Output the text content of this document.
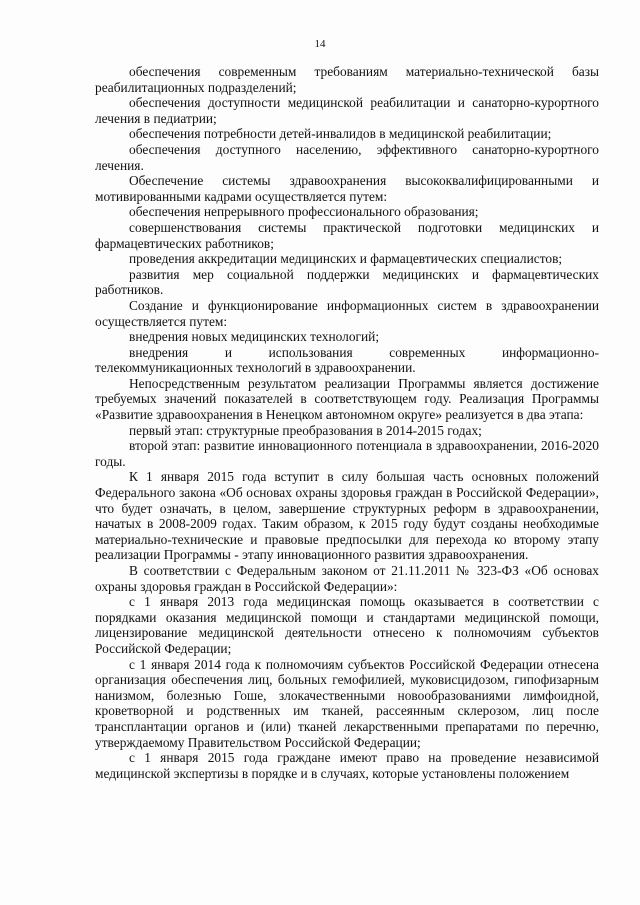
14

обеспечения современным требованиям материально-технической базы реабилитационных подразделений;

обеспечения доступности медицинской реабилитации и санаторно-курортного лечения в педиатрии;

обеспечения потребности детей-инвалидов в медицинской реабилитации;

обеспечения доступного населению, эффективного санаторно-курортного лечения.

Обеспечение системы здравоохранения высококвалифицированными и мотивированными кадрами осуществляется путем:

обеспечения непрерывного профессионального образования;

совершенствования системы практической подготовки медицинских и фармацевтических работников;

проведения аккредитации медицинских и фармацевтических специалистов;

развития мер социальной поддержки медицинских и фармацевтических работников.

Создание и функционирование информационных систем в здравоохранении осуществляется путем:

внедрения новых медицинских технологий;

внедрения и использования современных информационно-телекоммуникационных технологий в здравоохранении.

Непосредственным результатом реализации Программы является достижение требуемых значений показателей в соответствующем году. Реализация Программы «Развитие здравоохранения в Ненецком автономном округе» реализуется в два этапа:

первый этап: структурные преобразования в 2014-2015 годах;

второй этап: развитие инновационного потенциала в здравоохранении, 2016-2020 годы.

К 1 января 2015 года вступит в силу большая часть основных положений Федерального закона «Об основах охраны здоровья граждан в Российской Федерации», что будет означать, в целом, завершение структурных реформ в здравоохранении, начатых в 2008-2009 годах. Таким образом, к 2015 году будут созданы необходимые материально-технические и правовые предпосылки для перехода ко второму этапу реализации Программы - этапу инновационного развития здравоохранения.

В соответствии с Федеральным законом от 21.11.2011 № 323-ФЗ «Об основах охраны здоровья граждан в Российской Федерации»:

с 1 января 2013 года медицинская помощь оказывается в соответствии с порядками оказания медицинской помощи и стандартами медицинской помощи, лицензирование медицинской деятельности отнесено к полномочиям субъектов Российской Федерации;

с 1 января 2014 года к полномочиям субъектов Российской Федерации отнесена организация обеспечения лиц, больных гемофилией, муковисцидозом, гипофизарным нанизмом, болезнью Гоше, злокачественными новообразованиями лимфоидной, кроветворной и родственных им тканей, рассеянным склерозом, лиц после трансплантации органов и (или) тканей лекарственными препаратами по перечню, утверждаемому Правительством Российской Федерации;

с 1 января 2015 года граждане имеют право на проведение независимой медицинской экспертизы в порядке и в случаях, которые установлены положением
